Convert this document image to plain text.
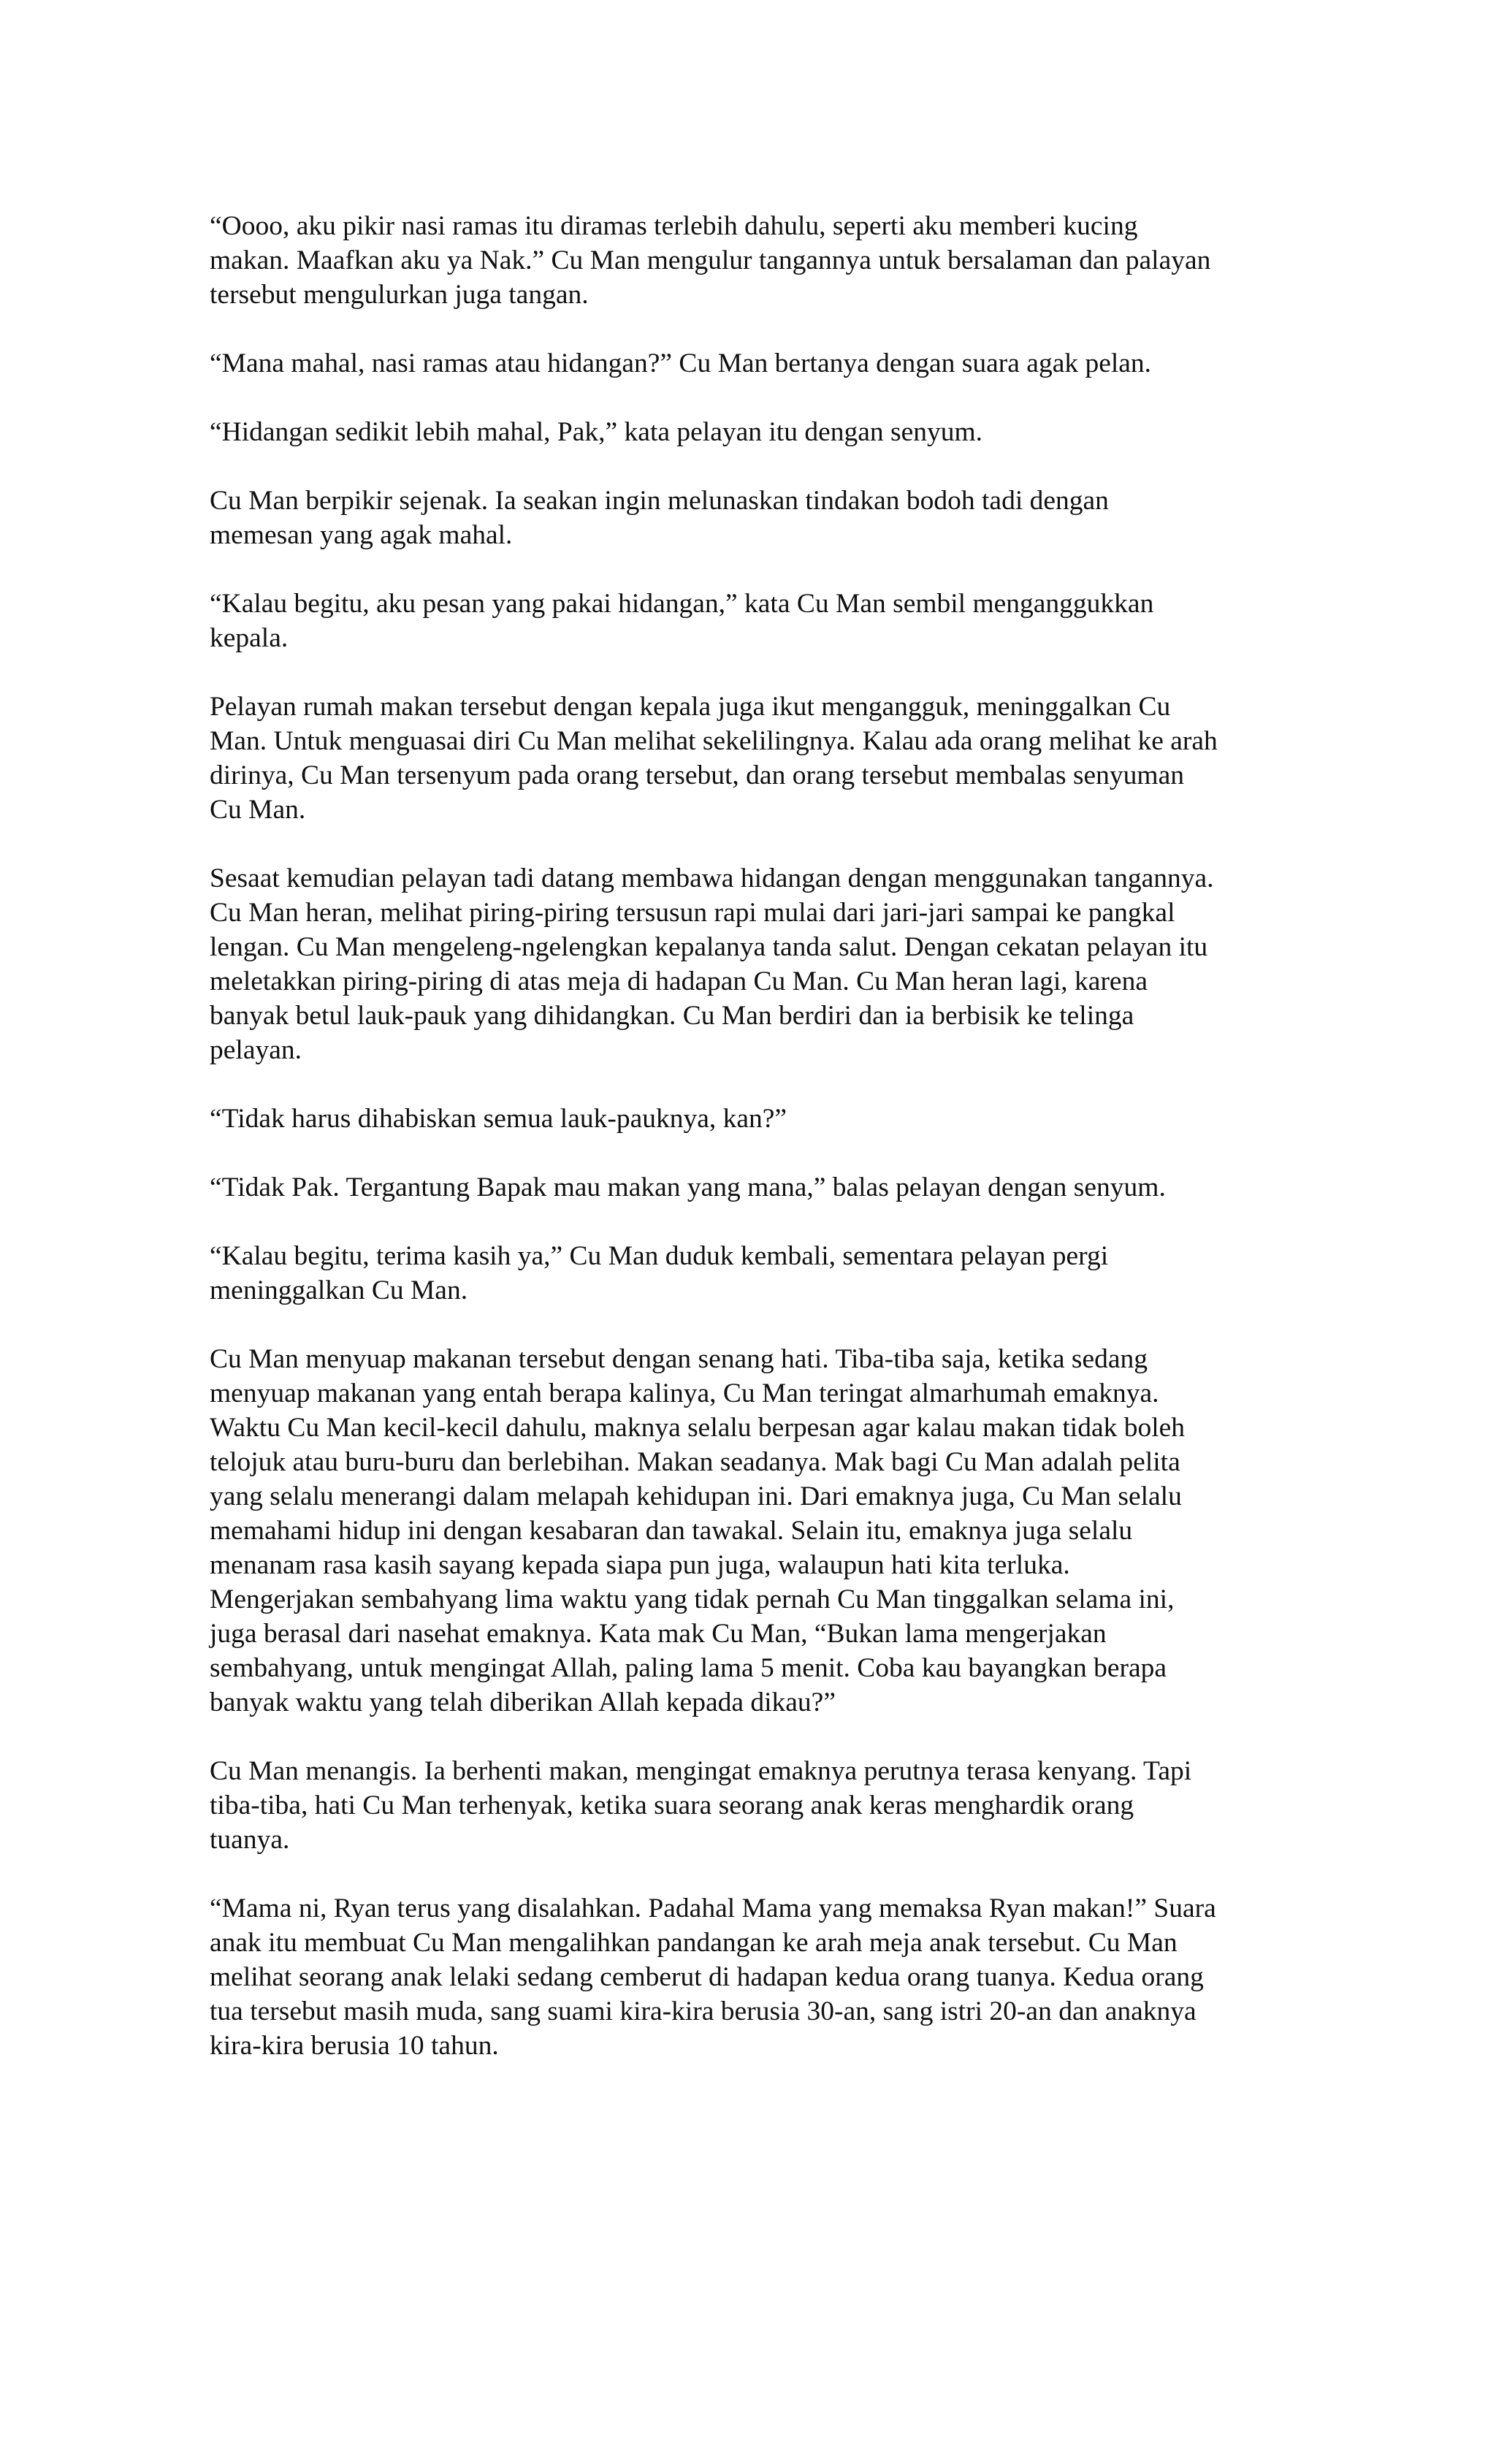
“Oooo, aku pikir nasi ramas itu diramas terlebih dahulu, seperti aku memberi kucing
makan. Maafkan aku ya Nak.” Cu Man mengulur tangannya untuk bersalaman dan palayan
tersebut mengulurkan juga tangan.

“Mana mahal, nasi ramas atau hidangan?” Cu Man bertanya dengan suara agak pelan.

“Hidangan sedikit lebih mahal, Pak,” kata pelayan itu dengan senyum.

Cu Man berpikir sejenak. Ia seakan ingin melunaskan tindakan bodoh tadi dengan
memesan yang agak mahal.

“Kalau begitu, aku pesan yang pakai hidangan,” kata Cu Man sembil menganggukkan
kepala.

Pelayan rumah makan tersebut dengan kepala juga ikut mengangguk, meninggalkan Cu
Man. Untuk menguasai diri Cu Man melihat sekelilingnya. Kalau ada orang melihat ke arah
dirinya, Cu Man tersenyum pada orang tersebut, dan orang tersebut membalas senyuman
Cu Man.

Sesaat kemudian pelayan tadi datang membawa hidangan dengan menggunakan tangannya.
Cu Man heran, melihat piring-piring tersusun rapi mulai dari jari-jari sampai ke pangkal
lengan. Cu Man mengeleng-ngelengkan kepalanya tanda salut. Dengan cekatan pelayan itu
meletakkan piring-piring di atas meja di hadapan Cu Man. Cu Man heran lagi, karena
banyak betul lauk-pauk yang dihidangkan. Cu Man berdiri dan ia berbisik ke telinga
pelayan.

“Tidak harus dihabiskan semua lauk-pauknya, kan?”

“Tidak Pak. Tergantung Bapak mau makan yang mana,” balas pelayan dengan senyum.

“Kalau begitu, terima kasih ya,” Cu Man duduk kembali, sementara pelayan pergi
meninggalkan Cu Man.

Cu Man menyuap makanan tersebut dengan senang hati. Tiba-tiba saja, ketika sedang
menyuap makanan yang entah berapa kalinya, Cu Man teringat almarhumah emaknya.
Waktu Cu Man kecil-kecil dahulu, maknya selalu berpesan agar kalau makan tidak boleh
telojuk atau buru-buru dan berlebihan. Makan seadanya. Mak bagi Cu Man adalah pelita
yang selalu menerangi dalam melapah kehidupan ini. Dari emaknya juga, Cu Man selalu
memahami hidup ini dengan kesabaran dan tawakal. Selain itu, emaknya juga selalu
menanam rasa kasih sayang kepada siapa pun juga, walaupun hati kita terluka.
Mengerjakan sembahyang lima waktu yang tidak pernah Cu Man tinggalkan selama ini,
juga berasal dari nasehat emaknya. Kata mak Cu Man, “Bukan lama mengerjakan
sembahyang, untuk mengingat Allah, paling lama 5 menit. Coba kau bayangkan berapa
banyak waktu yang telah diberikan Allah kepada dikau?”

Cu Man menangis. Ia berhenti makan, mengingat emaknya perutnya terasa kenyang. Tapi
tiba-tiba, hati Cu Man terhenyak, ketika suara seorang anak keras menghardik orang
tuanya.

“Mama ni, Ryan terus yang disalahkan. Padahal Mama yang memaksa Ryan makan!” Suara
anak itu membuat Cu Man mengalihkan pandangan ke arah meja anak tersebut. Cu Man
melihat seorang anak lelaki sedang cemberut di hadapan kedua orang tuanya. Kedua orang
tua tersebut masih muda, sang suami kira-kira berusia 30-an, sang istri 20-an dan anaknya
kira-kira berusia 10 tahun.
